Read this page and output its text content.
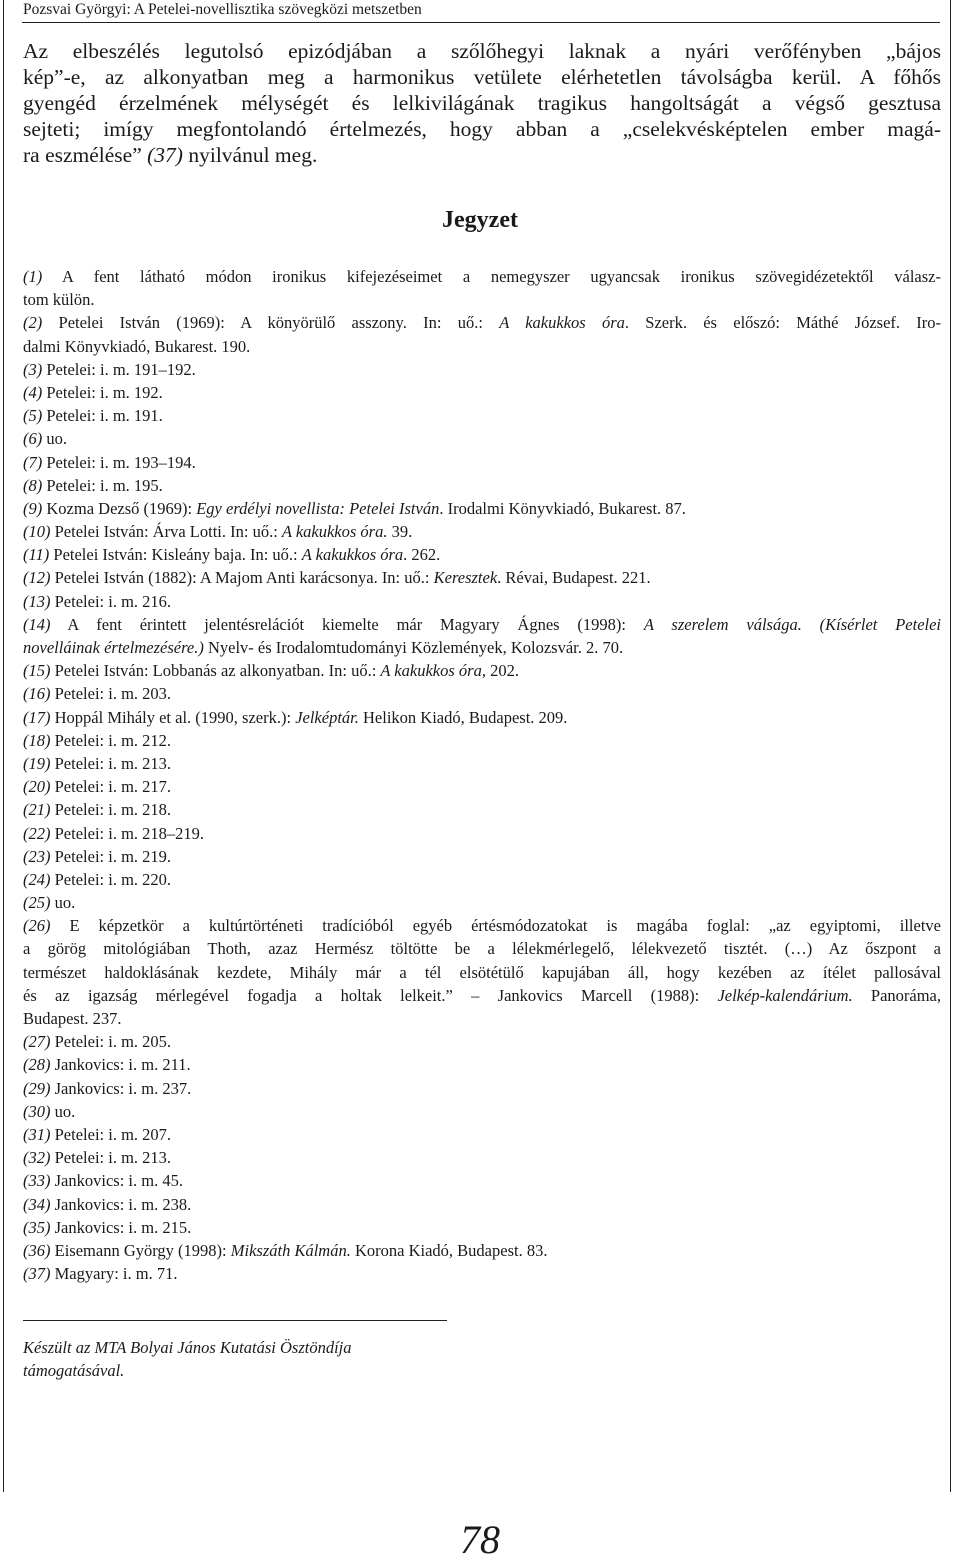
Pozsvai Györgyi: A Petelei-novellisztika szövegközi metszetben
Az elbeszélés legutolsó epizódjában a szőlőhegyi laknak a nyári verőfényben „bájos
kép”-e, az alkonyatban meg a harmonikus vetülete elérhetetlen távolságba kerül. A főhős
gyengéd érzelmének mélységét és lelkivilágának tragikus hangoltságát a végső gesztusa
sejteti; imígy megfontolandó értelmezés, hogy abban a „cselekvésképtelen ember magá-
ra eszmélése” (37) nyilvánul meg.
Jegyzet
(1) A fent látható módon ironikus kifejezéseimet a nemegyszer ugyancsak ironikus szövegidézetektől válasz-
tom külön.
(2) Petelei István (1969): A könyörülő asszony. In: uő.: A kakukkos óra. Szerk. és előszó: Máthé József. Iro-
dalmi Könyvkiadó, Bukarest. 190.
(3) Petelei: i. m. 191–192.
(4) Petelei: i. m. 192.
(5) Petelei: i. m. 191.
(6) uo.
(7) Petelei: i. m. 193–194.
(8) Petelei: i. m. 195.
(9) Kozma Dezső (1969): Egy erdélyi novellista: Petelei István. Irodalmi Könyvkiadó, Bukarest. 87.
(10) Petelei István: Árva Lotti. In: uő.: A kakukkos óra. 39.
(11) Petelei István: Kisleány baja. In: uő.: A kakukkos óra. 262.
(12) Petelei István (1882): A Majom Anti karácsonya. In: uő.: Keresztek. Révai, Budapest. 221.
(13) Petelei: i. m. 216.
(14) A fent érintett jelentésrelációt kiemelte már Magyary Ágnes (1998): A szerelem válsága. (Kísérlet Petelei
novelláinak értelmezésére.) Nyelv- és Irodalomtudományi Közlemények, Kolozsvár. 2. 70.
(15) Petelei István: Lobbanás az alkonyatban. In: uő.: A kakukkos óra, 202.
(16) Petelei: i. m. 203.
(17) Hoppál Mihály et al. (1990, szerk.): Jelképtár. Helikon Kiadó, Budapest. 209.
(18) Petelei: i. m. 212.
(19) Petelei: i. m. 213.
(20) Petelei: i. m. 217.
(21) Petelei: i. m. 218.
(22) Petelei: i. m. 218–219.
(23) Petelei: i. m. 219.
(24) Petelei: i. m. 220.
(25) uo.
(26) E képzetkör a kultúrtörténeti tradícióból egyéb értésmódozatokat is magába foglal: „az egyiptomi, illetve
a görög mitológiában Thoth, azaz Hermész töltötte be a lélekmérlegelő, lélekvezető tisztét. (…) Az őszpont a
természet haldoklásának kezdete, Mihály már a tél elsötétülő kapujában áll, hogy kezében az ítélet pallosával
és az igazság mérlegével fogadja a holtak lelkeit.” – Jankovics Marcell (1988): Jelkép-kalendárium. Panoráma,
Budapest. 237.
(27) Petelei: i. m. 205.
(28) Jankovics: i. m. 211.
(29) Jankovics: i. m. 237.
(30) uo.
(31) Petelei: i. m. 207.
(32) Petelei: i. m. 213.
(33) Jankovics: i. m. 45.
(34) Jankovics: i. m. 238.
(35) Jankovics: i. m. 215.
(36) Eisemann György (1998): Mikszáth Kálmán. Korona Kiadó, Budapest. 83.
(37) Magyary: i. m. 71.
Készült az MTA Bolyai János Kutatási Ösztöndíja
támogatásával.
78
